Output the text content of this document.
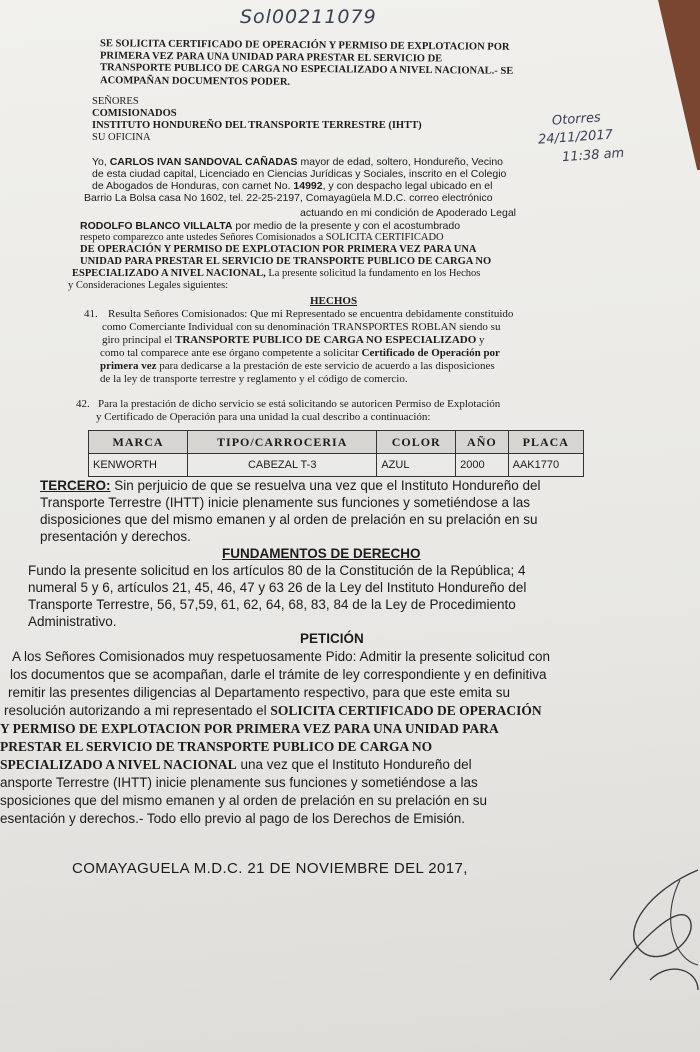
Sol00211079
SE SOLICITA CERTIFICADO DE OPERACIÓN Y PERMISO DE EXPLOTACION POR
PRIMERA VEZ PARA UNA UNIDAD PARA PRESTAR EL SERVICIO DE
TRANSPORTE PUBLICO DE CARGA NO ESPECIALIZADO A NIVEL NACIONAL.- SE
ACOMPAÑAN DOCUMENTOS PODER.
SEÑORES
COMISIONADOS
INSTITUTO HONDUREÑO DEL TRANSPORTE TERRESTRE (IHTT)
SU OFICINA
Otorres
24/11/2017
11:38 am
Yo, CARLOS IVAN SANDOVAL CAÑADAS mayor de edad, soltero, Hondureño, Vecino
de esta ciudad capital, Licenciado en Ciencias Jurídicas y Sociales, inscrito en el Colegio
de Abogados de Honduras, con carnet No. 14992, y con despacho legal ubicado en el
Barrio La Bolsa casa No 1602, tel. 22-25-2197, Comayagüela M.D.C. correo electrónico
actuando en mi condición de Apoderado Legal
RODOLFO BLANCO VILLALTA por medio de la presente y con el acostumbrado
respeto comparezco ante ustedes Señores Comisionados a SOLICITA CERTIFICADO
DE OPERACIÓN Y PERMISO DE EXPLOTACION POR PRIMERA VEZ PARA UNA
UNIDAD PARA PRESTAR EL SERVICIO DE TRANSPORTE PUBLICO DE CARGA NO
ESPECIALIZADO A NIVEL NACIONAL, La presente solicitud la fundamento en los Hechos
y Consideraciones Legales siguientes:
HECHOS
41. Resulta Señores Comisionados: Que mi Representado se encuentra debidamente constituido
como Comerciante Individual con su denominación TRANSPORTES ROBLAN siendo su
giro principal el TRANSPORTE PUBLICO DE CARGA NO ESPECIALIZADO y
como tal comparece ante ese órgano competente a solicitar Certificado de Operación por
primera vez para dedicarse a la prestación de este servicio de acuerdo a las disposiciones
de la ley de transporte terrestre y reglamento y el código de comercio.
42. Para la prestación de dicho servicio se está solicitando se autoricen Permiso de Explotación
y Certificado de Operación para una unidad la cual describo a continuación:
MARCA	TIPO/CARROCERIA	COLOR	AÑO	PLACA
KENWORTH	CABEZAL T-3	AZUL	2000	AAK1770
TERCERO: Sin perjuicio de que se resuelva una vez que el Instituto Hondureño del
Transporte Terrestre (IHTT) inicie plenamente sus funciones y sometiéndose a las
disposiciones que del mismo emanen y al orden de prelación en su prelación en su
presentación y derechos.
FUNDAMENTOS DE DERECHO
Fundo la presente solicitud en los artículos 80 de la Constitución de la República; 4
numeral 5 y 6, artículos 21, 45, 46, 47 y 63 26 de la Ley del Instituto Hondureño del
Transporte Terrestre, 56, 57,59, 61, 62, 64, 68, 83, 84 de la Ley de Procedimiento
Administrativo.
PETICIÓN
A los Señores Comisionados muy respetuosamente Pido: Admitir la presente solicitud con
los documentos que se acompañan, darle el trámite de ley correspondiente y en definitiva
remitir las presentes diligencias al Departamento respectivo, para que este emita su
resolución autorizando a mi representado el SOLICITA CERTIFICADO DE OPERACIÓN
Y PERMISO DE EXPLOTACION POR PRIMERA VEZ PARA UNA UNIDAD PARA
PRESTAR EL SERVICIO DE TRANSPORTE PUBLICO DE CARGA NO
SPECIALIZADO A NIVEL NACIONAL una vez que el Instituto Hondureño del
ansporte Terrestre (IHTT) inicie plenamente sus funciones y sometiéndose a las
sposiciones que del mismo emanen y al orden de prelación en su prelación en su
esentación y derechos.- Todo ello previo al pago de los Derechos de Emisión.
COMAYAGUELA M.D.C. 21 DE NOVIEMBRE DEL 2017,
